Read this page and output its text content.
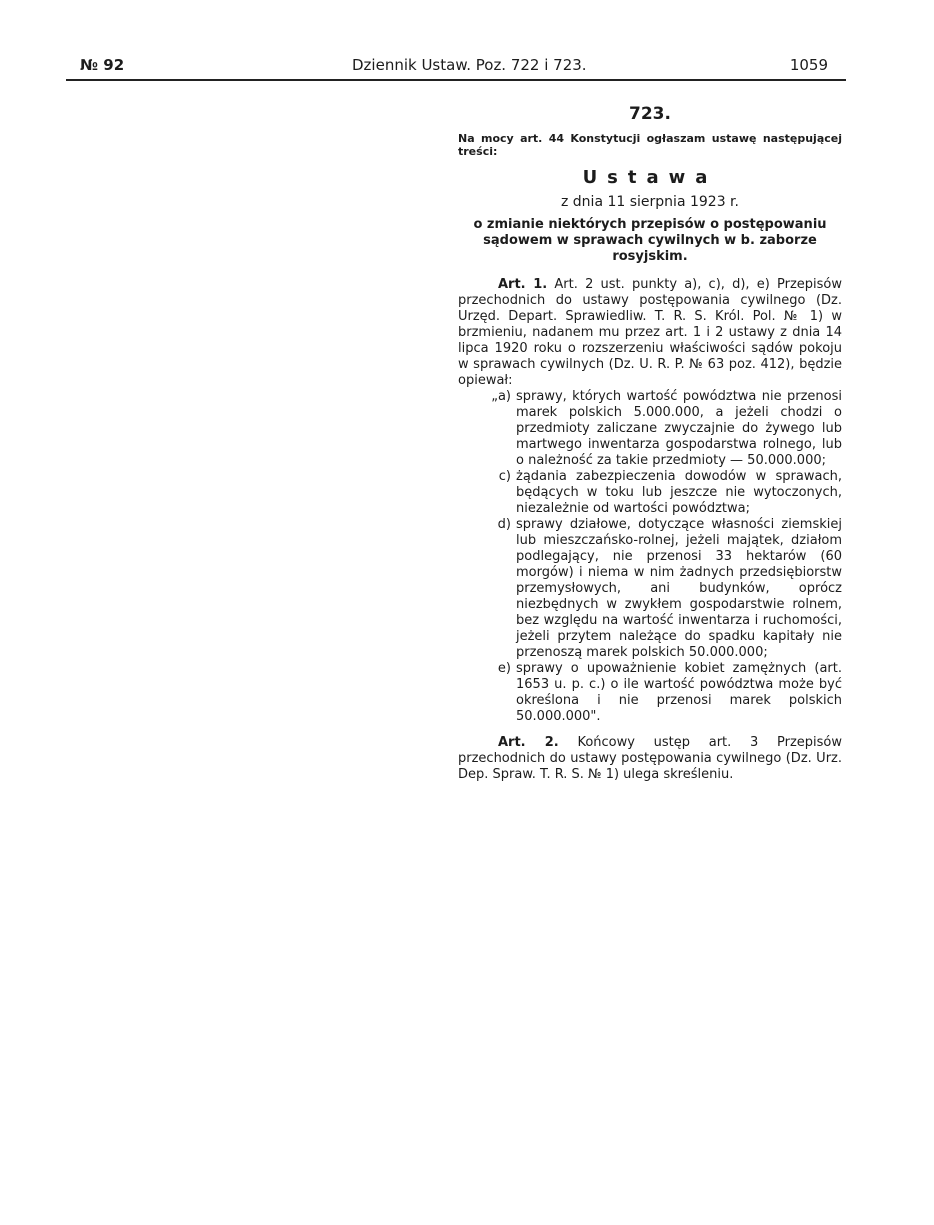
№ 92	Dziennik Ustaw. Poz. 722 i 723.	1059
723.
Na mocy art. 44 Konstytucji ogłaszam ustawę następującej treści:
Ustawa
z dnia 11 sierpnia 1923 r.
o zmianie niektórych przepisów o postępowaniu sądowem w sprawach cywilnych w b. zaborze rosyjskim.

Art. 1. Art. 2 ust. punkty a), c), d), e) Przepisów przechodnich do ustawy postępowania cywilnego (Dz. Urzęd. Depart. Sprawiedliw. T. R. S. Król. Pol. № 1) w brzmieniu, nadanem mu przez art. 1 i 2 ustawy z dnia 14 lipca 1920 roku o rozszerzeniu właściwości sądów pokoju w sprawach cywilnych (Dz. U. R. P. № 63 poz. 412), będzie opiewał:

„a) sprawy, których wartość powództwa nie przenosi marek polskich 5.000.000, a jeżeli chodzi o przedmioty zaliczane zwyczajnie do żywego lub martwego inwentarza gospodarstwa rolnego, lub o należność za takie przedmioty — 50.000.000;
c) żądania zabezpieczenia dowodów w sprawach, będących w toku lub jeszcze nie wytoczonych, niezależnie od wartości powództwa;
d) sprawy działowe, dotyczące własności ziemskiej lub mieszczańsko-rolnej, jeżeli majątek, działom podlegający, nie przenosi 33 hektarów (60 morgów) i niema w nim żadnych przedsiębiorstw przemysłowych, ani budynków, oprócz niezbędnych w zwykłem gospodarstwie rolnem, bez względu na wartość inwentarza i ruchomości, jeżeli przytem należące do spadku kapitały nie przenoszą marek polskich 50.000.000;
e) sprawy o upoważnienie kobiet zamężnych (art. 1653 u. p. c.) o ile wartość powództwa może być określona i nie przenosi marek polskich 50.000.000".

Art. 2. Końcowy ustęp art. 3 Przepisów przechodnich do ustawy postępowania cywilnego (Dz. Urz. Dep. Spraw. T. R. S. № 1) ulega skreśleniu.
